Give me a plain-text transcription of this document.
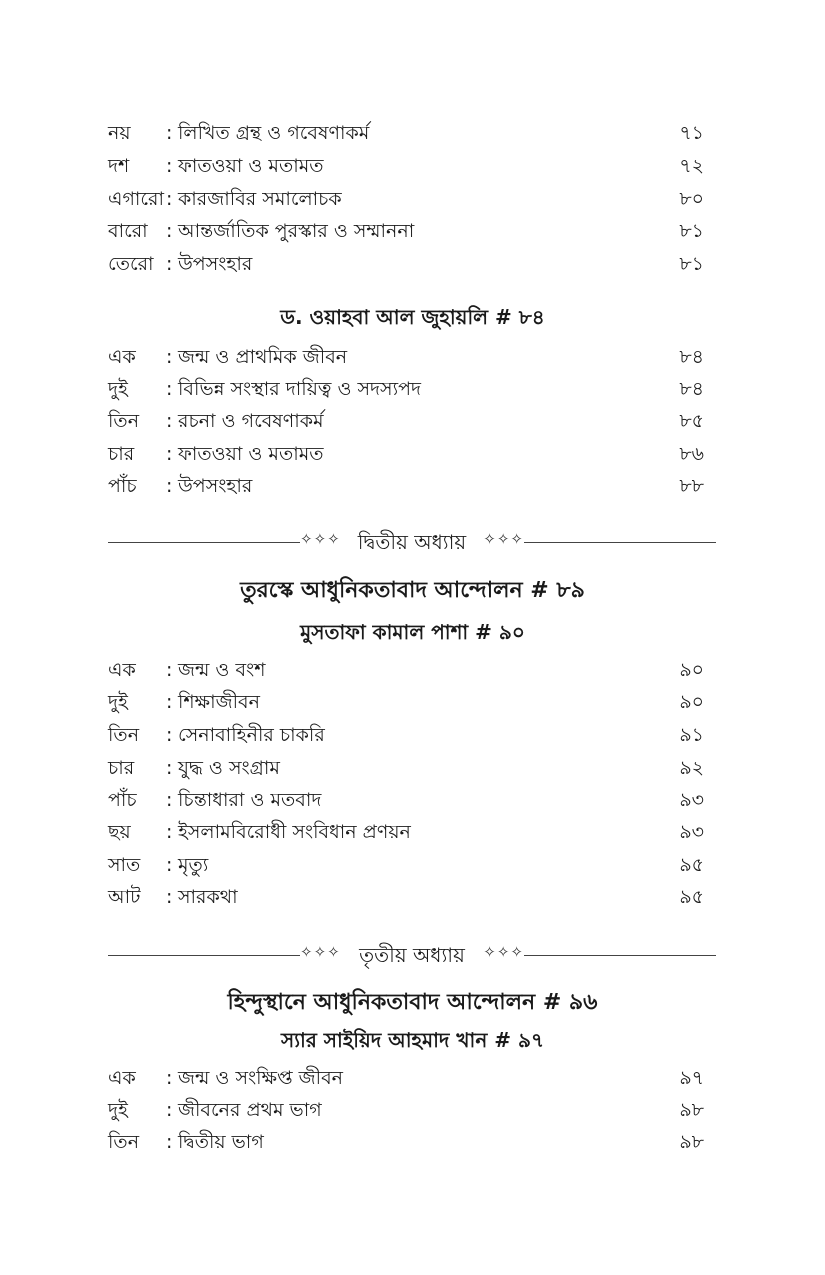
নয় : লিখিত গ্রন্থ ও গবেষণাকর্ম	৭১
দশ : ফাতওয়া ও মতামত	৭২
এগারো : কারজাবির সমালোচক	৮০
বারো : আন্তর্জাতিক পুরস্কার ও সম্মাননা	৮১
তেরো : উপসংহার	৮১
ড. ওয়াহবা আল জুহায়লি # ৮৪
এক : জন্ম ও প্রাথমিক জীবন	৮৪
দুই : বিভিন্ন সংস্থার দায়িত্ব ও সদস্যপদ	৮৪
তিন : রচনা ও গবেষণাকর্ম	৮৫
চার : ফাতওয়া ও মতামত	৮৬
পাঁচ : উপসংহার	৮৮
✧✧✧ দ্বিতীয় অধ্যায়	✧✧✧
তুরস্কে আধুনিকতাবাদ আন্দোলন # ৮৯
মুসতাফা কামাল পাশা # ৯০
এক : জন্ম ও বংশ	৯০
দুই : শিক্ষাজীবন	৯০
তিন : সেনাবাহিনীর চাকরি	৯১
চার : যুদ্ধ ও সংগ্রাম	৯২
পাঁচ : চিন্তাধারা ও মতবাদ	৯৩
ছয় : ইসলামবিরোধী সংবিধান প্রণয়ন	৯৩
সাত : মৃত্যু	৯৫
আট : সারকথা	৯৫
✧✧✧ তৃতীয় অধ্যায়	✧✧✧
হিন্দুস্থানে আধুনিকতাবাদ আন্দোলন # ৯৬
স্যার সাইয়িদ আহমাদ খান # ৯৭
এক : জন্ম ও সংক্ষিপ্ত জীবন	৯৭
দুই : জীবনের প্রথম ভাগ	৯৮
তিন : দ্বিতীয় ভাগ	৯৮
